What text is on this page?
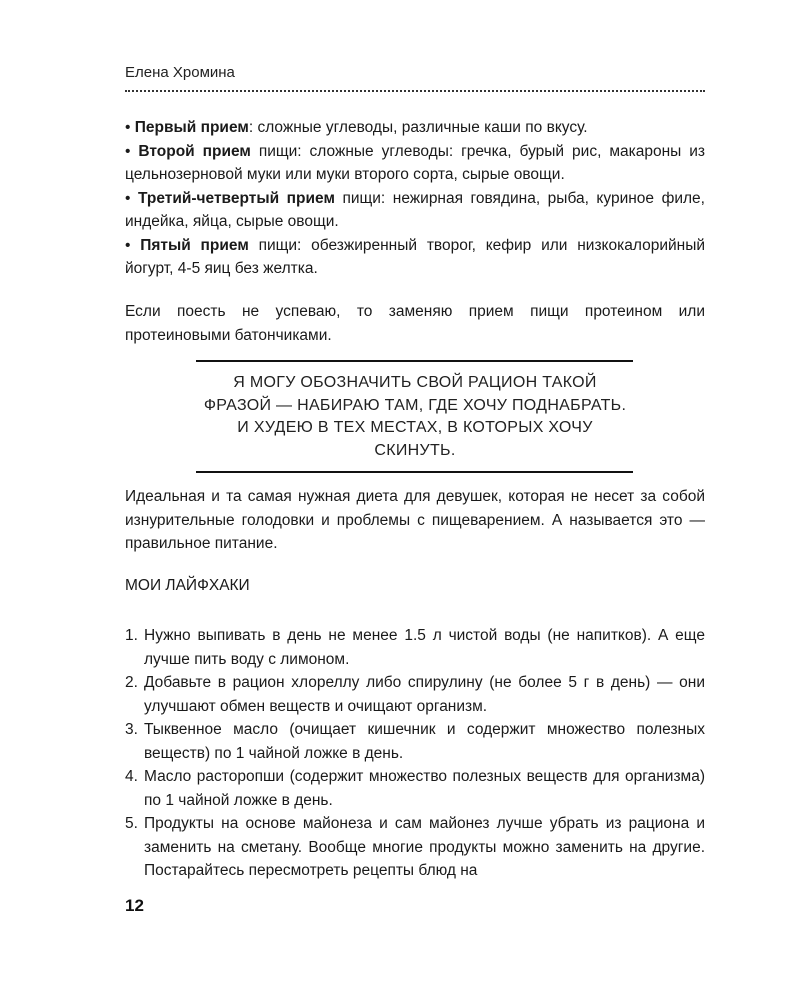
Елена Хромина
• Первый прием: сложные углеводы, различные каши по вкусу.
• Второй прием пищи: сложные углеводы: гречка, бурый рис, макароны из цельнозерновой муки или муки второго сорта, сырые овощи.
• Третий-четвертый прием пищи: нежирная говядина, рыба, куриное филе, индейка, яйца, сырые овощи.
• Пятый прием пищи: обезжиренный творог, кефир или низкокалорийный йогурт, 4-5 яиц без желтка.
Если поесть не успеваю, то заменяю прием пищи протеином или протеиновыми батончиками.
Я МОГУ ОБОЗНАЧИТЬ СВОЙ РАЦИОН ТАКОЙ
ФРАЗОЙ — НАБИРАЮ ТАМ, ГДЕ ХОЧУ ПОДНАБРАТЬ.
И ХУДЕЮ В ТЕХ МЕСТАХ, В КОТОРЫХ ХОЧУ
СКИНУТЬ.
Идеальная и та самая нужная диета для девушек, которая не несет за собой изнурительные голодовки и проблемы с пищеварением. А называется это — правильное питание.
МОИ ЛАЙФХАКИ
1. Нужно выпивать в день не менее 1.5 л чистой воды (не напитков). А еще лучше пить воду с лимоном.
2. Добавьте в рацион хлореллу либо спирулину (не более 5 г в день) — они улучшают обмен веществ и очищают организм.
3. Тыквенное масло (очищает кишечник и содержит множество полезных веществ) по 1 чайной ложке в день.
4. Масло расторопши (содержит множество полезных веществ для организма) по 1 чайной ложке в день.
5. Продукты на основе майонеза и сам майонез лучше убрать из рациона и заменить на сметану. Вообще многие продукты можно заменить на другие. Постарайтесь пересмотреть рецепты блюд на
12
